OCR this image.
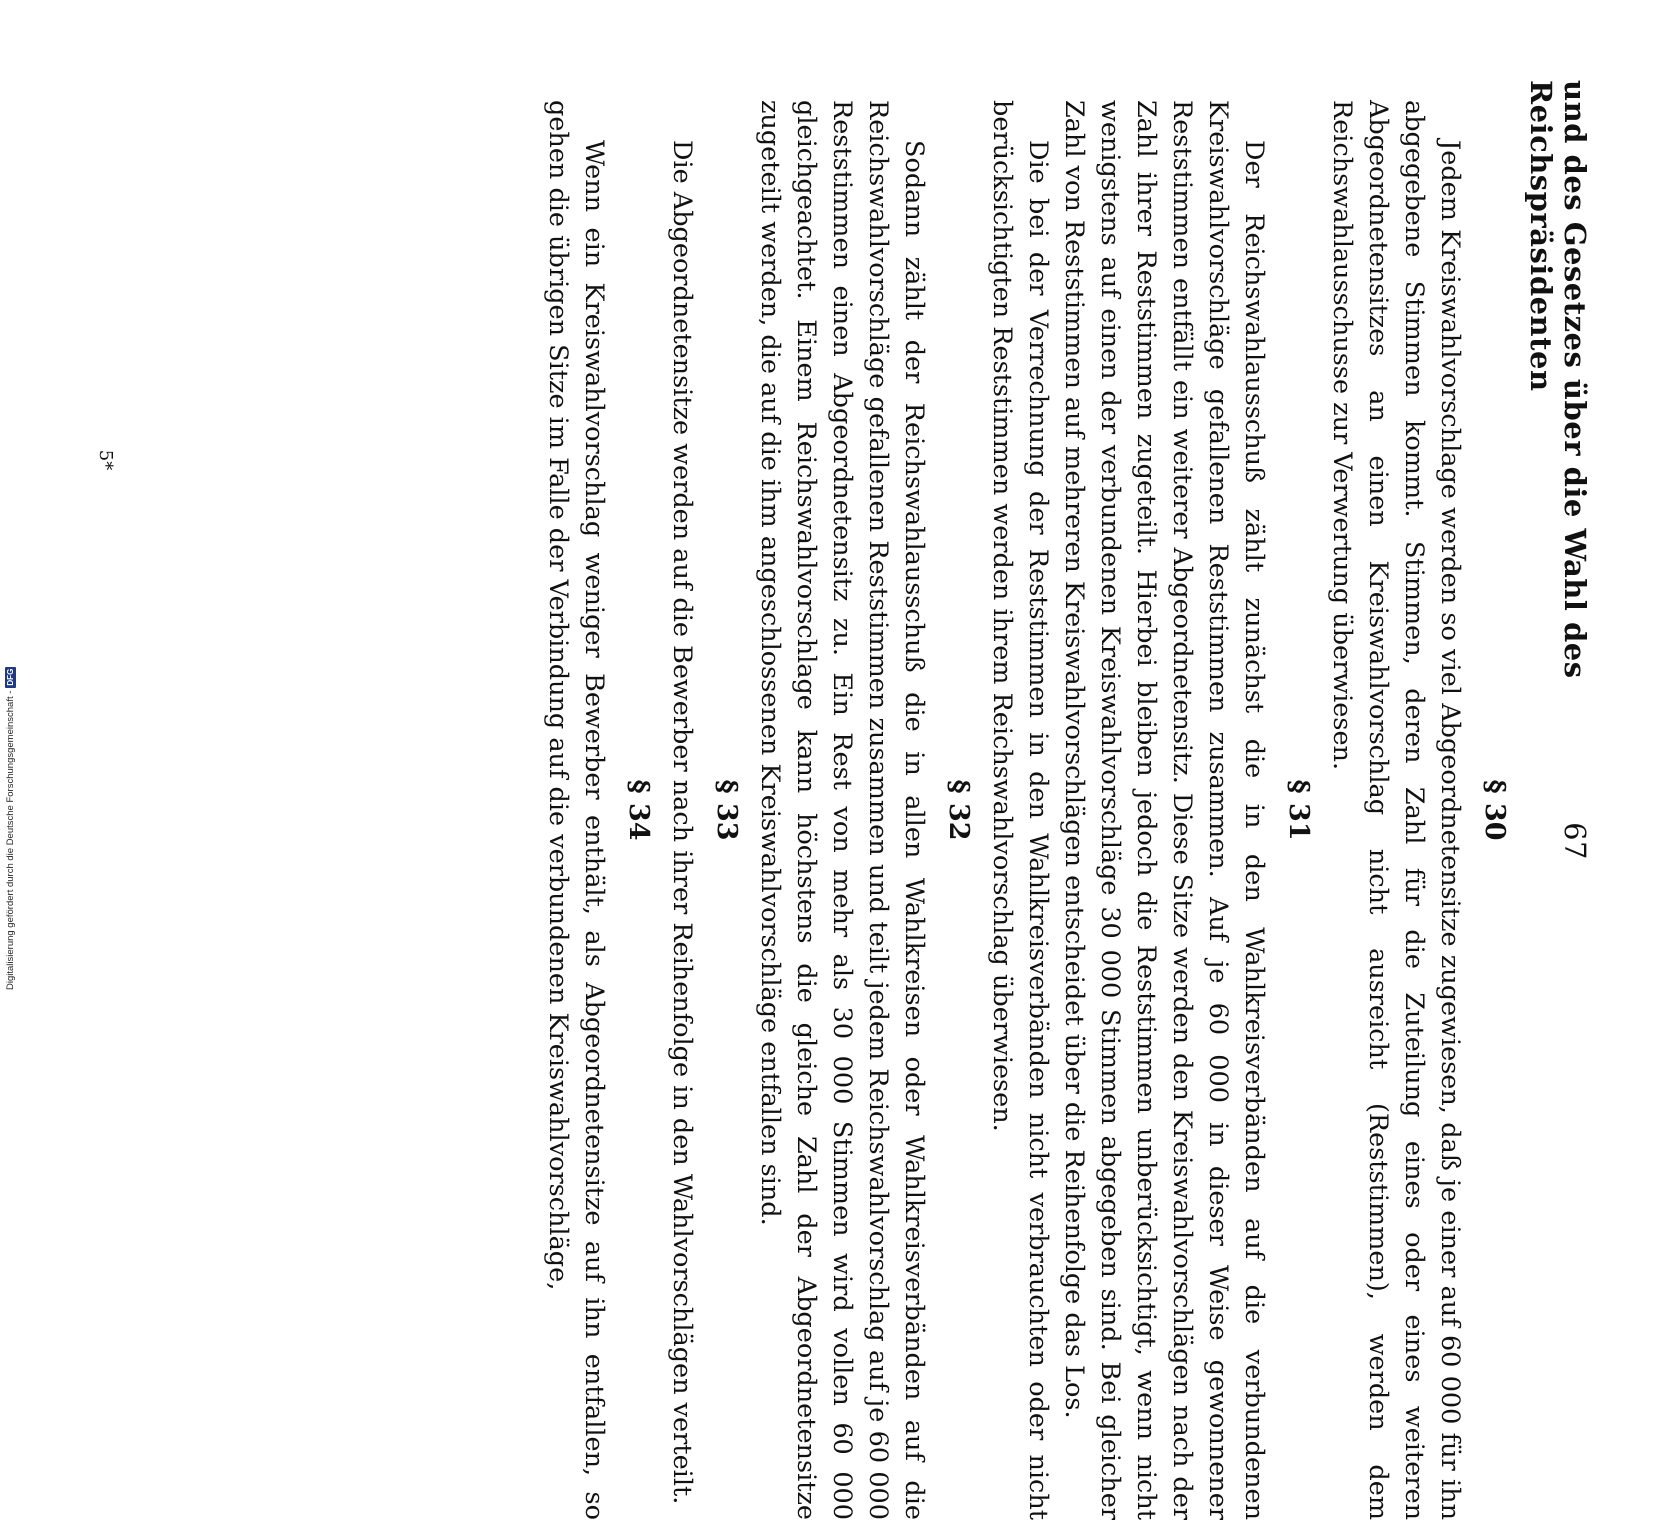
und des Gesetzes über die Wahl des Reichspräsidenten
67
§ 30

Jedem Kreiswahlvorschlage werden so viel Abgeordnetensitze zugewiesen, daß je einer auf 60 000 für ihn abgegebene Stimmen kommt. Stimmen, deren Zahl für die Zuteilung eines oder eines weiteren Abgeordnetensitzes an einen Kreiswahlvorschlag nicht ausreicht (Reststimmen), werden dem Reichswahlausschusse zur Verwertung überwiesen.

§ 31

Der Reichswahlausschuß zählt zunächst die in den Wahlkreisverbänden auf die verbundenen Kreiswahlvorschläge gefallenen Reststimmen zusammen. Auf je 60 000 in dieser Weise gewonnener Reststimmen entfällt ein weiterer Abgeordnetensitz. Diese Sitze werden den Kreiswahlvorschlägen nach der Zahl ihrer Reststimmen zugeteilt. Hierbei bleiben jedoch die Reststimmen unberücksichtigt, wenn nicht wenigstens auf einen der verbundenen Kreiswahlvorschläge 30 000 Stimmen abgegeben sind. Bei gleicher Zahl von Reststimmen auf mehreren Kreiswahlvorschlägen entscheidet über die Reihenfolge das Los.

Die bei der Verrechnung der Reststimmen in den Wahlkreisverbänden nicht verbrauchten oder nicht berücksichtigten Reststimmen werden ihrem Reichswahlvorschlag überwiesen.

§ 32

Sodann zählt der Reichswahlausschuß die in allen Wahlkreisen oder Wahlkreisverbänden auf die Reichswahlvorschläge gefallenen Reststimmen zusammen und teilt jedem Reichswahlvorschlag auf je 60 000 Reststimmen einen Abgeordnetensitz zu. Ein Rest von mehr als 30 000 Stimmen wird vollen 60 000 gleichgeachtet. Einem Reichswahlvorschlage kann höchstens die gleiche Zahl der Abgeordnetensitze zugeteilt werden, die auf die ihm angeschlossenen Kreiswahlvorschläge entfallen sind.

§ 33

Die Abgeordnetensitze werden auf die Bewerber nach ihrer Reihenfolge in den Wahlvorschlägen verteilt.

§ 34

Wenn ein Kreiswahlvorschlag weniger Bewerber enthält, als Abgeordnetensitze auf ihn entfallen, so gehen die übrigen Sitze im Falle der Verbindung auf die verbundenen Kreiswahlvorschläge,

5*
Digitalisierung gefördert durch die Deutsche Forschungsgemeinschaft -
DFG
